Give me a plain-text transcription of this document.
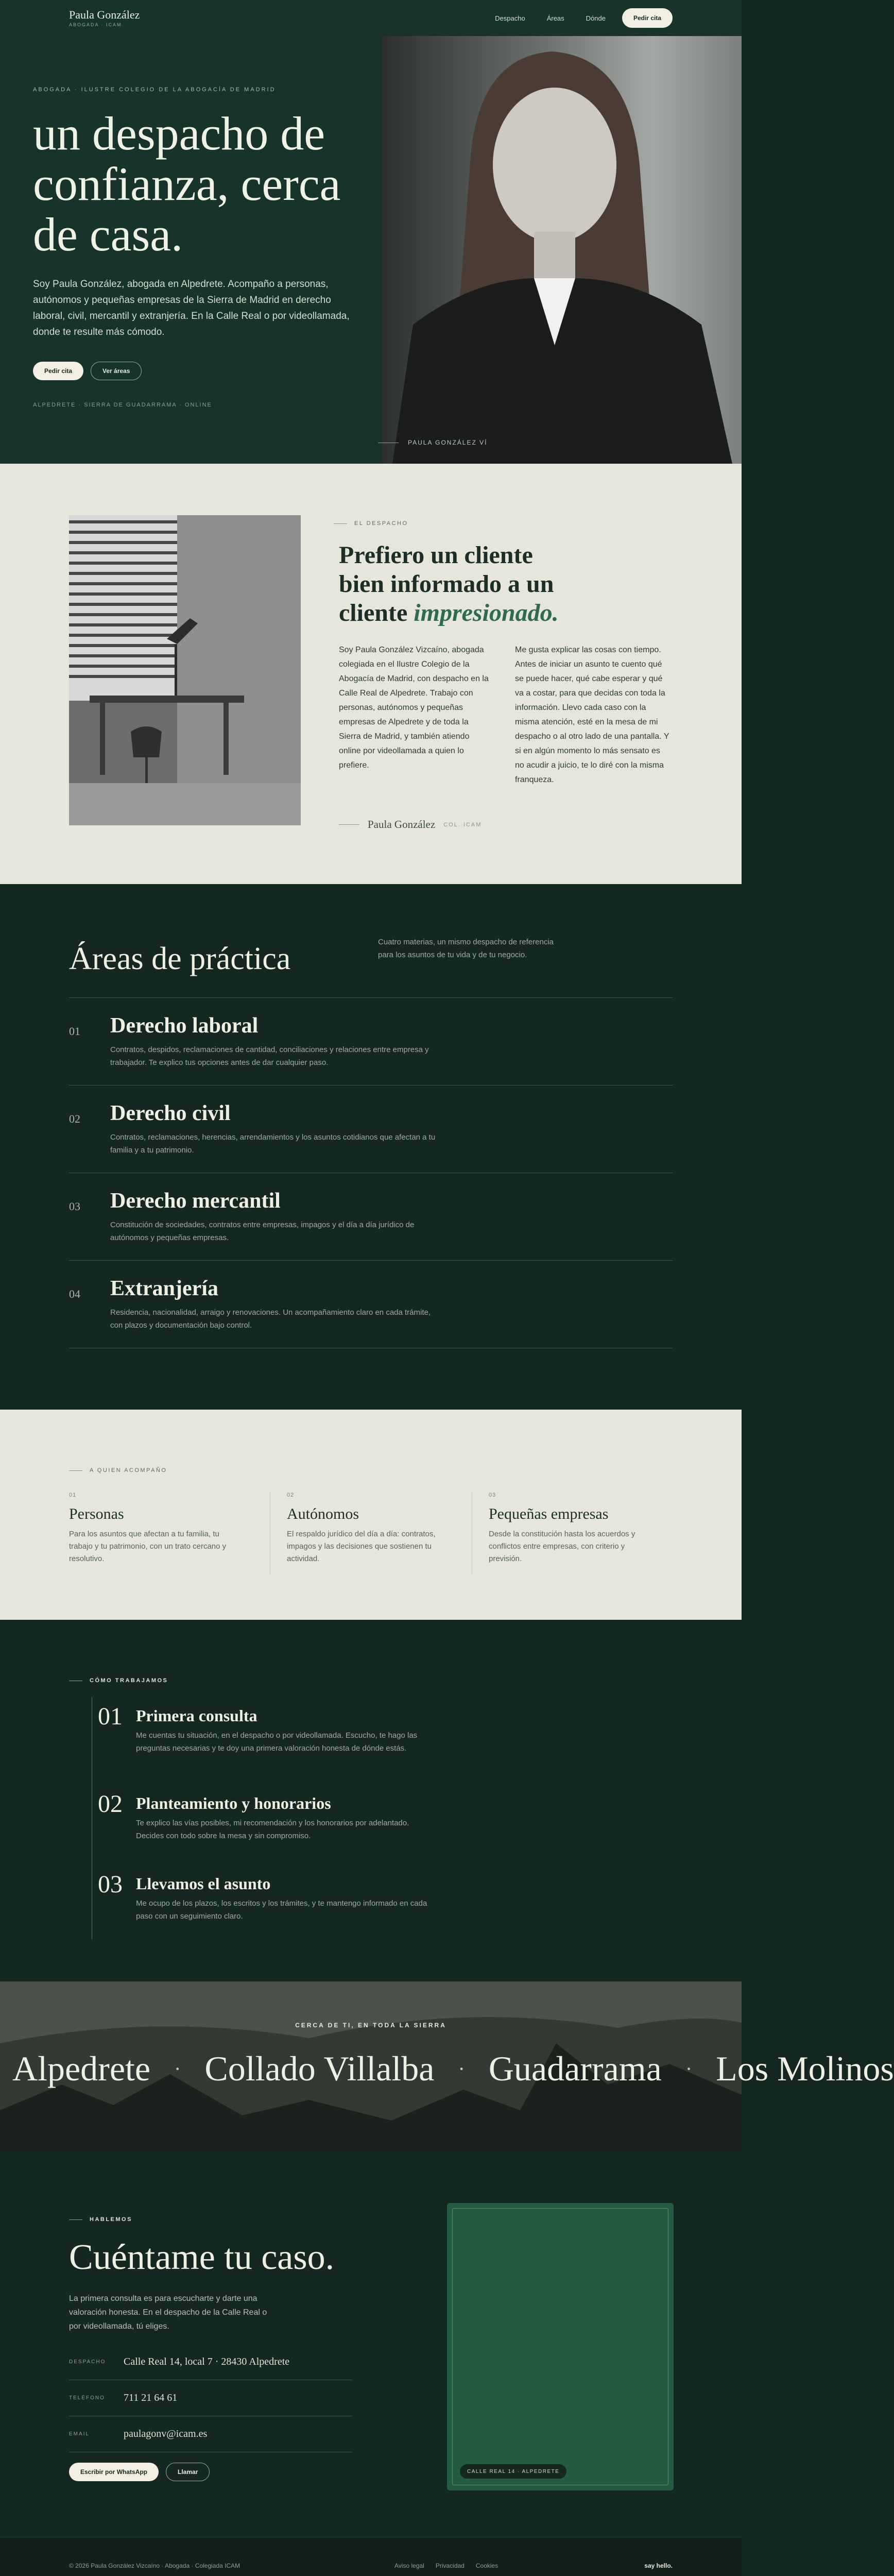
Paula González
ABOGADA · ICAM
Despacho	Áreas	Dónde	Pedir cita
ABOGADA · ILUSTRE COLEGIO DE LA ABOGACÍA DE MADRID
un despacho de confianza, cerca de casa.

Soy Paula González, abogada en Alpedrete. Acompaño a personas, autónomos y pequeñas empresas de la Sierra de Madrid en derecho laboral, civil, mercantil y extranjería. En la Calle Real o por videollamada, donde te resulte más cómodo.

Pedir cita	Ver áreas
ALPEDRETE · SIERRA DE GUADARRAMA · ONLINE
PAULA GONZÁLEZ VÍ
EL DESPACHO
Prefiero un cliente bien informado a un cliente impresionado.

Soy Paula González Vizcaíno, abogada colegiada en el Ilustre Colegio de la Abogacía de Madrid, con despacho en la Calle Real de Alpedrete. Trabajo con personas, autónomos y pequeñas empresas de Alpedrete y de toda la Sierra de Madrid, y también atiendo online por videollamada a quien lo prefiere.

Me gusta explicar las cosas con tiempo. Antes de iniciar un asunto te cuento qué se puede hacer, qué cabe esperar y qué va a costar, para que decidas con toda la información. Llevo cada caso con la misma atención, esté en la mesa de mi despacho o al otro lado de una pantalla. Y si en algún momento lo más sensato es no acudir a juicio, te lo diré con la misma franqueza.

Paula González COL. ICAM
Áreas de práctica	Cuatro materias, un mismo despacho de referencia para los asuntos de tu vida y de tu negocio.

01 Derecho laboral

Contratos, despidos, reclamaciones de cantidad, conciliaciones y relaciones entre empresa y trabajador. Te explico tus opciones antes de dar cualquier paso.

02 Derecho civil

Contratos, reclamaciones, herencias, arrendamientos y los asuntos cotidianos que afectan a tu familia y a tu patrimonio.

03 Derecho mercantil

Constitución de sociedades, contratos entre empresas, impagos y el día a día jurídico de autónomos y pequeñas empresas.

04 Extranjería

Residencia, nacionalidad, arraigo y renovaciones. Un acompañamiento claro en cada trámite, con plazos y documentación bajo control.

A QUIEN ACOMPAÑO
01
Personas
Para los asuntos que afectan a tu familia, tu trabajo y tu patrimonio, con un trato cercano y resolutivo.
02
Autónomos
El respaldo jurídico del día a día: contratos, impagos y las decisiones que sostienen tu actividad.
03
Pequeñas empresas
Desde la constitución hasta los acuerdos y conflictos entre empresas, con criterio y previsión.
CÓMO TRABAJAMOS
01 Primera consulta

Me cuentas tu situación, en el despacho o por videollamada. Escucho, te hago las preguntas necesarias y te doy una primera valoración honesta de dónde estás.

02 Planteamiento y honorarios

Te explico las vías posibles, mi recomendación y los honorarios por adelantado. Decides con todo sobre la mesa y sin compromiso.

03 Llevamos el asunto

Me ocupo de los plazos, los escritos y los trámites, y te mantengo informado en cada paso con un seguimiento claro.

CERCA DE TI, EN TODA LA SIERRA
Alpedrete · Collado Villalba · Guadarrama · Los Molinos
HABLEMOS
Cuéntame tu caso.

La primera consulta es para escucharte y darte una valoración honesta. En el despacho de la Calle Real o por videollamada, tú eliges.

DESPACHO	Calle Real 14, local 7 · 28430 Alpedrete
TELÉFONO	711 21 64 61
EMAIL	paulagonv@icam.es
Escribir por WhatsApp	Llamar	CALLE REAL 14 · ALPEDRETE
© 2026 Paula González Vizcaíno · Abogada · Colegiada ICAM	Aviso legal Privacidad Cookies	say hello.
